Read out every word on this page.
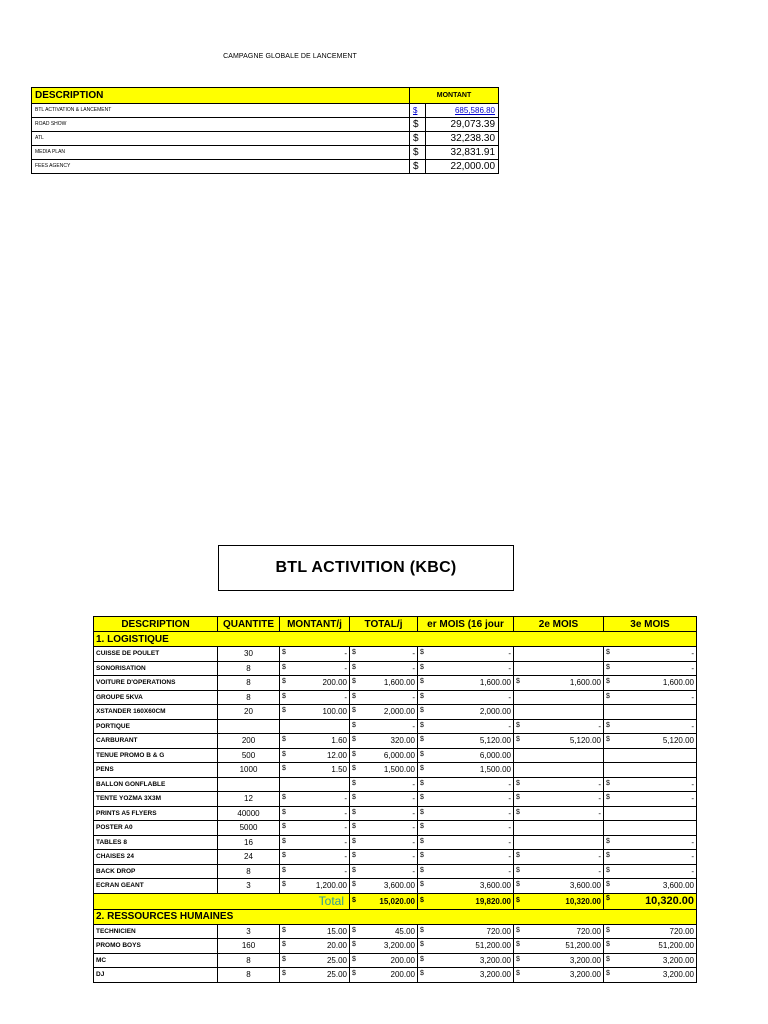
CAMPAGNE GLOBALE DE LANCEMENT
DESCRIPTION	MONTANT	
BTL ACTIVATION & LANCEMENT	$	685,586.80
ROAD SHOW	$	29,073.39
ATL	$	32,238.30
MEDIA PLAN	$	32,831.91
FEES AGENCY	$	22,000.00
BTL ACTIVITION (KBC)
DESCRIPTION	QUANTITE	MONTANT/j	TOTAL/j	er MOIS (16 jour	2e MOIS	3e MOIS
1. LOGISTIQUE						
CUISSE DE POULET	30	$ -	$ -	$ -		$ -

SONORISATION	8	$ -	$ -	$ -		$ -

VOITURE D'OPERATIONS	8	$ 200.00	$ 1,600.00	$ 1,600.00	$ 1,600.00	$ 1,600.00

GROUPE 5KVA	8	$ -	$ -	$ -		$ -

XSTANDER 160X60CM	20	$ 100.00	$ 2,000.00	$ 2,000.00		

PORTIQUE			$ -	$ -	$ -	$ -

CARBURANT	200	$ 1.60	$ 320.00	$ 5,120.00	$ 5,120.00	$ 5,120.00

TENUE PROMO B & G	500	$ 12.00	$ 6,000.00	$ 6,000.00		

PENS	1000	$ 1.50	$ 1,500.00	$ 1,500.00		

BALLON GONFLABLE			$ -	$ -	$ -	$ -

TENTE YOZMA 3X3M	12	$ -	$ -	$ -	$ -	$ -

PRINTS A5 FLYERS	40000	$ -	$ -	$ -	$ -	

POSTER A0	5000	$ -	$ -	$ -		

TABLES 8	16	$ -	$ -	$ -		$ -

CHAISES 24	24	$ -	$ -	$ -	$ -	$ -

BACK DROP	8	$ -	$ -	$ -	$ -	$ -

ECRAN GEANT	3	$ 1,200.00	$ 3,600.00	$ 3,600.00	$ 3,600.00	$ 3,600.00

Total			$ 15,020.00	$ 19,820.00	$ 10,320.00	$ 10,320.00

2. RESSOURCES HUMAINES						
TECHNICIEN	3	$ 15.00	$ 45.00	$ 720.00	$ 720.00	$ 720.00

PROMO BOYS	160	$ 20.00	$ 3,200.00	$ 51,200.00	$ 51,200.00	$ 51,200.00

MC	8	$ 25.00	$ 200.00	$ 3,200.00	$ 3,200.00	$ 3,200.00

DJ	8	$ 25.00	$ 200.00	$ 3,200.00	$ 3,200.00	$ 3,200.00
